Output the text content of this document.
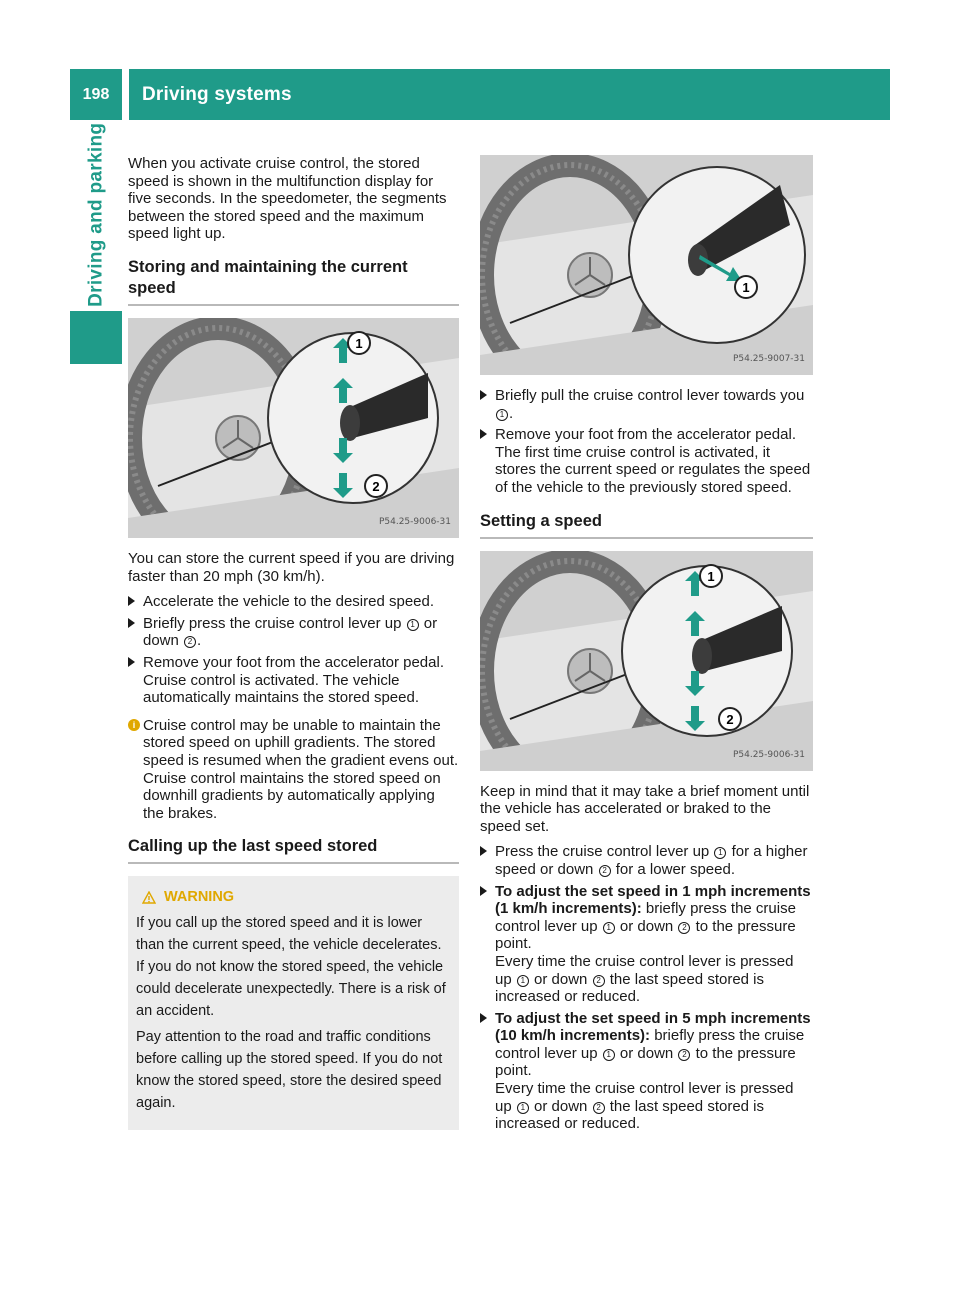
198	Driving systems
Driving and parking When you activate cruise control, the stored speed is shown in the multifunction display for five seconds. In the speedometer, the segments between the stored speed and the maximum speed light up.

Storing and maintaining the current speed
1
2
P54.25-9006-31

You can store the current speed if you are driving faster than 20 mph (30 km/h).

Accelerate the vehicle to the desired speed.
Briefly press the cruise control lever up 1 or down 2 .
Remove your foot from the accelerator pedal. Cruise control is activated. The vehicle automatically maintains the stored speed.
i Cruise control may be unable to maintain the stored speed on uphill gradients. The stored speed is resumed when the gradient evens out. Cruise control maintains the stored speed on downhill gradients by automatically applying the brakes.
Calling up the last speed stored
WARNING

If you call up the stored speed and it is lower than the current speed, the vehicle decelerates. If you do not know the stored speed, the vehicle could decelerate unexpectedly. There is a risk of an accident.

Pay attention to the road and traffic conditions before calling up the stored speed. If you do not know the stored speed, store the desired speed again.

1
P54.25-9007-31
Briefly pull the cruise control lever towards you 1 .
Remove your foot from the accelerator pedal. The first time cruise control is activated, it stores the current speed or regulates the speed of the vehicle to the previously stored speed.
Setting a speed
1
2
P54.25-9006-31

Keep in mind that it may take a brief moment until the vehicle has accelerated or braked to the speed set.

Press the cruise control lever up 1 for a higher speed or down 2 for a lower speed.
To adjust the set speed in 1 mph increments (1 km/h increments): briefly press the cruise control lever up 1 or down 2 to the pressure point.
Every time the cruise control lever is pressed up 1 or down 2 the last speed stored is increased or reduced.
To adjust the set speed in 5 mph increments (10 km/h increments): briefly press the cruise control lever up 1 or down 2 to the pressure point.
Every time the cruise control lever is pressed up 1 or down 2 the last speed stored is increased or reduced.
